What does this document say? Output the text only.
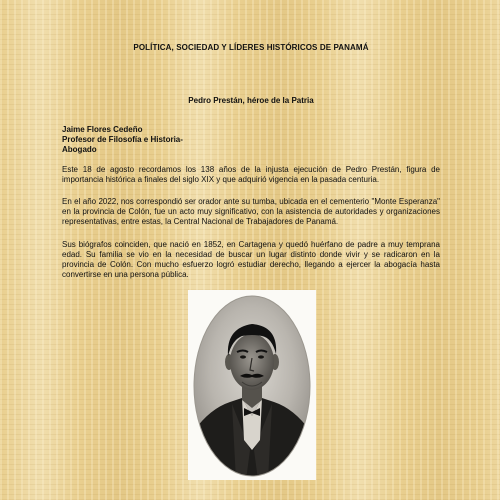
POLÍTICA, SOCIEDAD Y LÍDERES HISTÓRICOS DE PANAMÁ
Pedro Prestán, héroe de la Patria
Jaime Flores Cedeño
Profesor de Filosofía e Historia-
Abogado

Este 18 de agosto recordamos los 138 años de la injusta ejecución de Pedro Prestán, figura de importancia histórica a finales del siglo XIX y que adquirió vigencia en la pasada centuria.

En el año 2022, nos correspondió ser orador ante su tumba, ubicada en el cementerio "Monte Esperanza" en la provincia de Colón, fue un acto muy significativo, con la asistencia de autoridades y organizaciones representativas, entre estas, la Central Nacional de Trabajadores de Panamá.

Sus biógrafos coinciden, que nació en 1852, en Cartagena y quedó huérfano de padre a muy temprana edad. Su familia se vio en la necesidad de buscar un lugar distinto donde vivir y se radicaron en la provincia de Colón. Con mucho esfuerzo logró estudiar derecho, llegando a ejercer la abogacía hasta convertirse en una persona pública.
